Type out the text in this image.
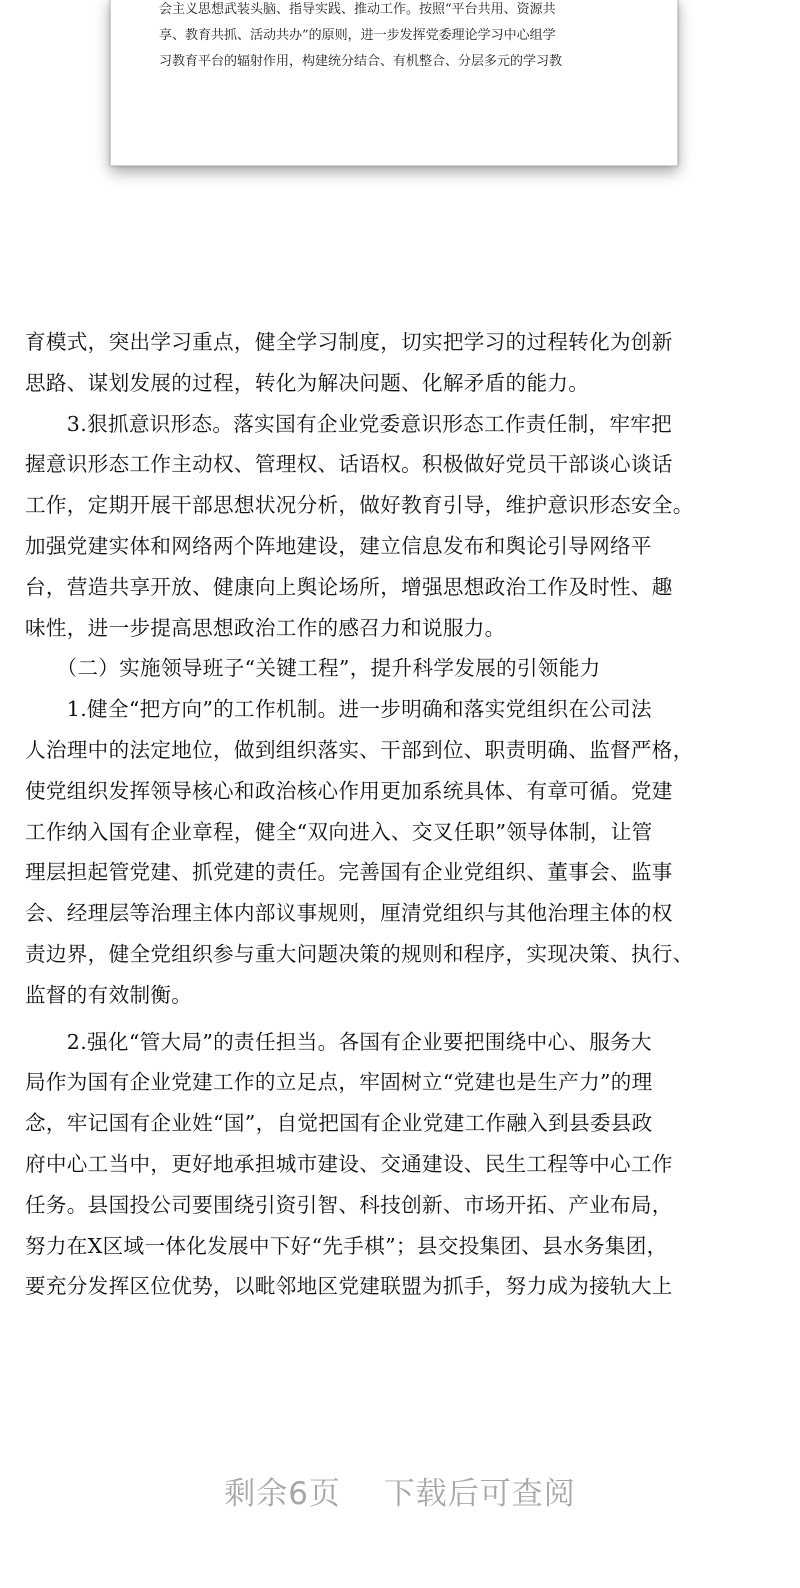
会主义思想武装头脑、指导实践、推动工作。按照“平台共用、资源共
享、教育共抓、活动共办”的原则，进一步发挥党委理论学习中心组学
习教育平台的辐射作用，构建统分结合、有机整合、分层多元的学习教
育模式，突出学习重点，健全学习制度，切实把学习的过程转化为创新
思路、谋划发展的过程，转化为解决问题、化解矛盾的能力。
　　3.狠抓意识形态。落实国有企业党委意识形态工作责任制，牢牢把
握意识形态工作主动权、管理权、话语权。积极做好党员干部谈心谈话
工作，定期开展干部思想状况分析，做好教育引导，维护意识形态安全。
加强党建实体和网络两个阵地建设，建立信息发布和舆论引导网络平
台，营造共享开放、健康向上舆论场所，增强思想政治工作及时性、趣
味性，进一步提高思想政治工作的感召力和说服力。
　　（二）实施领导班子“关键工程”，提升科学发展的引领能力
　　1.健全“把方向”的工作机制。进一步明确和落实党组织在公司法
人治理中的法定地位，做到组织落实、干部到位、职责明确、监督严格，
使党组织发挥领导核心和政治核心作用更加系统具体、有章可循。党建
工作纳入国有企业章程，健全“双向进入、交叉任职”领导体制，让管
理层担起管党建、抓党建的责任。完善国有企业党组织、董事会、监事
会、经理层等治理主体内部议事规则，厘清党组织与其他治理主体的权
责边界，健全党组织参与重大问题决策的规则和程序，实现决策、执行、
监督的有效制衡。
　　2.强化“管大局”的责任担当。各国有企业要把围绕中心、服务大
局作为国有企业党建工作的立足点，牢固树立“党建也是生产力”的理
念，牢记国有企业姓“国”，自觉把国有企业党建工作融入到县委县政
府中心工当中，更好地承担城市建设、交通建设、民生工程等中心工作
任务。县国投公司要围绕引资引智、科技创新、市场开拓、产业布局，
努力在X区域一体化发展中下好“先手棋”；县交投集团、县水务集团，
要充分发挥区位优势，以毗邻地区党建联盟为抓手，努力成为接轨大上
剩余6页 下载后可查阅
